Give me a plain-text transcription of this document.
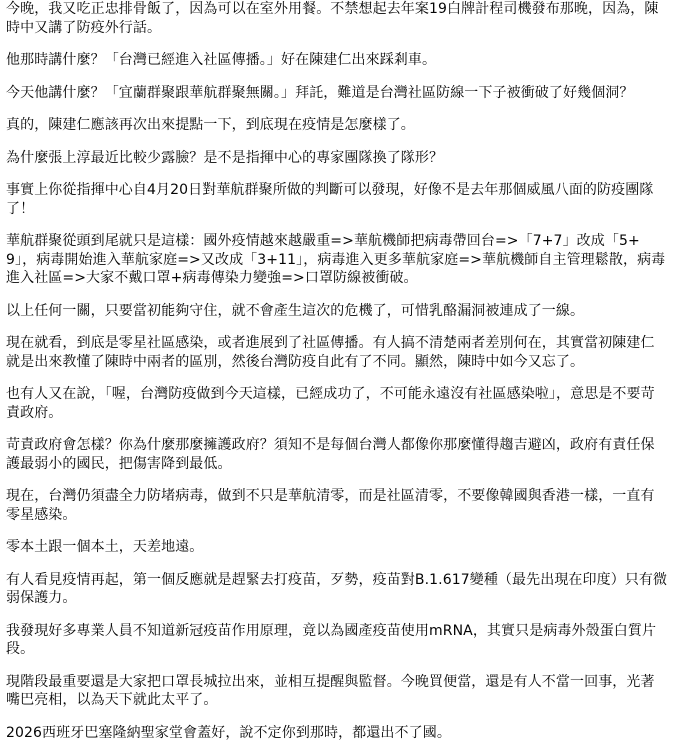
今晚，我又吃正忠排骨飯了，因為可以在室外用餐。不禁想起去年案19白牌計程司機發布那晚，因為，陳時中又講了防疫外行話。

他那時講什麼？「台灣已經進入社區傳播。」好在陳建仁出來踩剎車。

今天他講什麼？「宜蘭群聚跟華航群聚無關。」拜託，難道是台灣社區防線一下子被衝破了好幾個洞？

真的，陳建仁應該再次出來提點一下，到底現在疫情是怎麼樣了。

為什麼張上淳最近比較少露臉？是不是指揮中心的專家團隊換了隊形？

事實上你從指揮中心自4月20日對華航群聚所做的判斷可以發現，好像不是去年那個威風八面的防疫團隊了！

華航群聚從頭到尾就只是這樣：國外疫情越來越嚴重=>華航機師把病毒帶回台=>「7+7」改成「5+9」，病毒開始進入華航家庭=>又改成「3+11」，病毒進入更多華航家庭=>華航機師自主管理鬆散，病毒進入社區=>大家不戴口罩+病毒傳染力變強=>口罩防線被衝破。

以上任何一關，只要當初能夠守住，就不會產生這次的危機了，可惜乳酪漏洞被連成了一線。

現在就看，到底是零星社區感染，或者進展到了社區傳播。有人搞不清楚兩者差別何在，其實當初陳建仁就是出來教懂了陳時中兩者的區別，然後台灣防疫自此有了不同。顯然，陳時中如今又忘了。

也有人又在說，「喔，台灣防疫做到今天這樣，已經成功了，不可能永遠沒有社區感染啦」，意思是不要苛責政府。

苛責政府會怎樣？你為什麼那麼擁護政府？須知不是每個台灣人都像你那麼懂得趨吉避凶，政府有責任保護最弱小的國民，把傷害降到最低。

現在，台灣仍須盡全力防堵病毒，做到不只是華航清零，而是社區清零，不要像韓國與香港一樣，一直有零星感染。

零本土跟一個本土，天差地遠。

有人看見疫情再起，第一個反應就是趕緊去打疫苗，歹勢，疫苗對B.1.617變種（最先出現在印度）只有微弱保護力。

我發現好多專業人員不知道新冠疫苗作用原理，竟以為國產疫苗使用mRNA，其實只是病毒外殼蛋白質片段。

現階段最重要還是大家把口罩長城拉出來，並相互提醒與監督。今晚買便當，還是有人不當一回事，光著嘴巴亮相，以為天下就此太平了。

2026西班牙巴塞隆納聖家堂會蓋好，說不定你到那時，都還出不了國。
